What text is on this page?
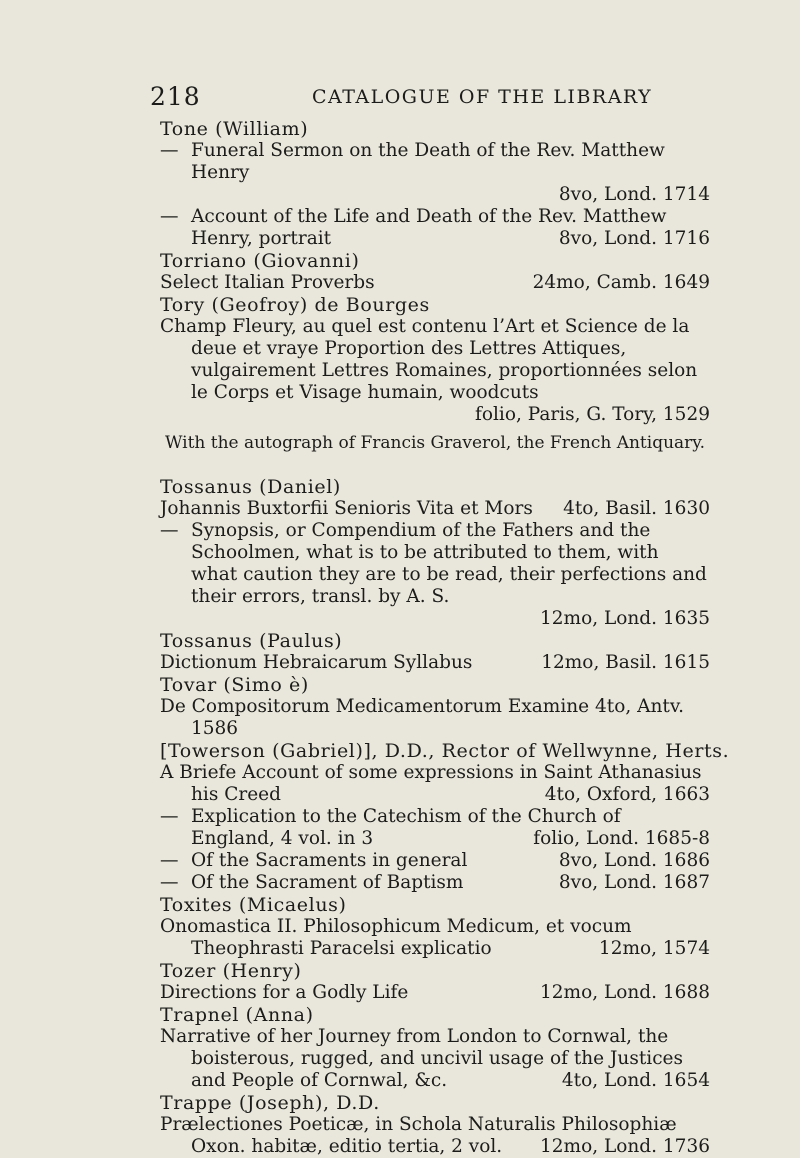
218	CATALOGUE OF THE LIBRARY
Tone (William)
— Funeral Sermon on the Death of the Rev. Matthew Henry
8vo, Lond. 1714
— Account of the Life and Death of the Rev. Matthew Henry, portrait	8vo, Lond. 1716
Torriano (Giovanni)
Select Italian Proverbs	24mo, Camb. 1649
Tory (Geofroy) de Bourges
Champ Fleury, au quel est contenu l’Art et Science de la deue et vraye Proportion des Lettres Attiques, vulgairement Lettres Romaines, proportionnées selon le Corps et Visage humain, woodcuts
folio, Paris, G. Tory, 1529
With the autograph of Francis Graverol, the French Antiquary.
Tossanus (Daniel)
Johannis Buxtorfii Senioris Vita et Mors 4to, Basil. 1630
— Synopsis, or Compendium of the Fathers and the Schoolmen, what is to be attributed to them, with what caution they are to be read, their perfections and their errors, transl. by A. S.
12mo, Lond. 1635
Tossanus (Paulus)
Dictionum Hebraicarum Syllabus	12mo, Basil. 1615
Tovar (Simo è)
De Compositorum Medicamentorum Examine 4to, Antv. 1586
[Towerson (Gabriel)], D.D., Rector of Wellwynne, Herts.
A Briefe Account of some expressions in Saint Athanasius his Creed	4to, Oxford, 1663
— Explication to the Catechism of the Church of England, 4 vol. in 3	folio, Lond. 1685-8
— Of the Sacraments in general	8vo, Lond. 1686
— Of the Sacrament of Baptism	8vo, Lond. 1687
Toxites (Micaelus)
Onomastica II. Philosophicum Medicum, et vocum Theophrasti Paracelsi explicatio	12mo, 1574
Tozer (Henry)
Directions for a Godly Life	12mo, Lond. 1688
Trapnel (Anna)
Narrative of her Journey from London to Cornwal, the boisterous, rugged, and uncivil usage of the Justices and People of Cornwal, &c.	4to, Lond. 1654
Trappe (Joseph), D.D.
Prælectiones Poeticæ, in Schola Naturalis Philosophiæ Oxon. habitæ, editio tertia, 2 vol. 12mo, Lond. 1736
